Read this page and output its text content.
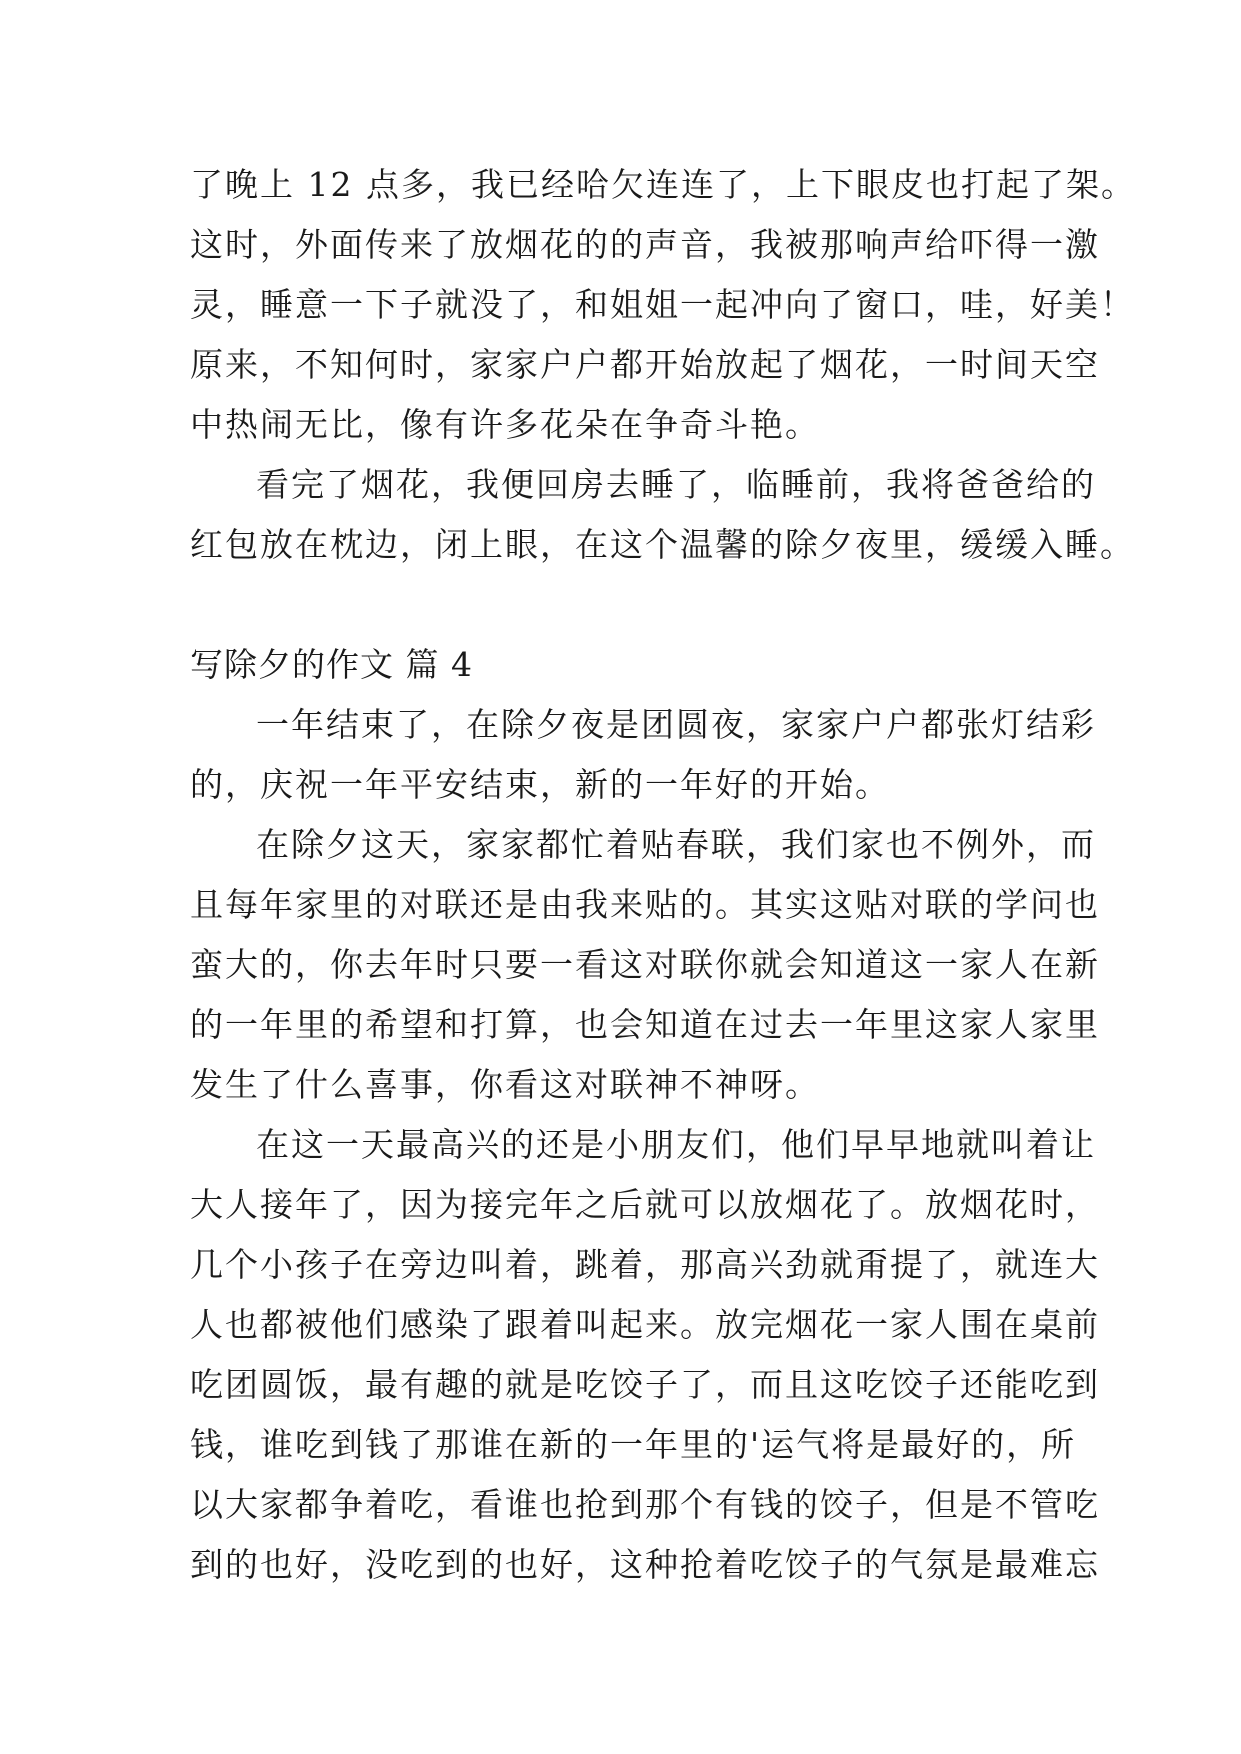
了晚上 12 点多，我已经哈欠连连了，上下眼皮也打起了架。
这时，外面传来了放烟花的的声音，我被那响声给吓得一激
灵，睡意一下子就没了，和姐姐一起冲向了窗口，哇，好美！
原来，不知何时，家家户户都开始放起了烟花，一时间天空
中热闹无比，像有许多花朵在争奇斗艳。
看完了烟花，我便回房去睡了，临睡前，我将爸爸给的
红包放在枕边，闭上眼，在这个温馨的除夕夜里，缓缓入睡。
写除夕的作文 篇 4
一年结束了，在除夕夜是团圆夜，家家户户都张灯结彩
的，庆祝一年平安结束，新的一年好的开始。
在除夕这天，家家都忙着贴春联，我们家也不例外，而
且每年家里的对联还是由我来贴的。其实这贴对联的学问也
蛮大的，你去年时只要一看这对联你就会知道这一家人在新
的一年里的希望和打算，也会知道在过去一年里这家人家里
发生了什么喜事，你看这对联神不神呀。
在这一天最高兴的还是小朋友们，他们早早地就叫着让
大人接年了，因为接完年之后就可以放烟花了。放烟花时，
几个小孩子在旁边叫着，跳着，那高兴劲就甭提了，就连大
人也都被他们感染了跟着叫起来。放完烟花一家人围在桌前
吃团圆饭，最有趣的就是吃饺子了，而且这吃饺子还能吃到
钱，谁吃到钱了那谁在新的一年里的'运气将是最好的，所
以大家都争着吃，看谁也抢到那个有钱的饺子，但是不管吃
到的也好，没吃到的也好，这种抢着吃饺子的气氛是最难忘
